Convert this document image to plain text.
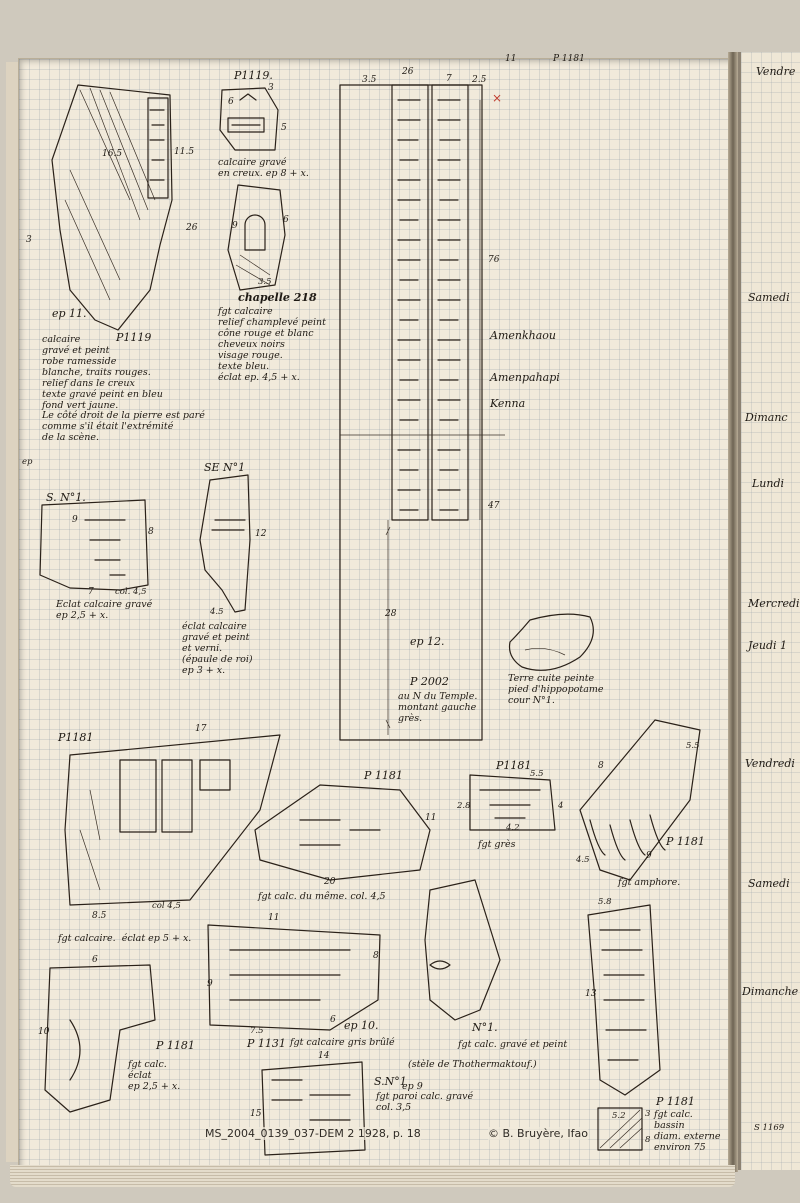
3
ep
11	P 1181
P1119.
6
3
5
calcaire gravé
en creux. ep 8 + x.
9
6
3.5
chapelle 218
fgt calcaire
relief champlevé peint
cône rouge et blanc
cheveux noirs
visage rouge.
texte bleu.
éclat ep. 4,5 + x.
11.5
26
16.5
ep 11.
P1119
calcaire
gravé et peint
robe ramesside
blanche, traits rouges.
relief dans le creux
texte gravé peint en bleu
fond vert jaune.
Le côté droit de la pierre est paré
comme s'il était l'extrémité
de la scène.
3.5
26
7 2.5
×
76
47
28
ep 12.
P 2002
au N du Temple.
montant gauche
grès.
Amenkhaou
Amenpahapi
Kenna
S. N°1.
9
8
7	col. 4,5
Eclat calcaire gravé
ep 2,5 + x.
SE N°1
12
4.5
éclat calcaire
gravé et peint
et verni.
(épaule de roi)
ep 3 + x.
Terre cuite peinte
pied d'hippopotame
cour N°1.
P1181
17
8.5
col 4,5
fgt calcaire.  éclat ep 5 + x.
P 1181
11
20
fgt calc. du même. col. 4,5
P1181
5.5
2.8	4
4.2
fgt grès
5.5
8
4.5	9
P 1181
fgt amphore.
11
8
9
7.5
6 ep 10.
P 1131 fgt calcaire gris brûlé
ep 9
N°1.
fgt calc. gravé et peint
(stèle de Thothermaktouf.)
6
10
P 1181
fgt calc.
éclat
ep 2,5 + x.
14
15
S.N°1
fgt paroi calc. gravé
col. 3,5
5.8
13
P 1181
5.2 3
8
fgt calc.
bassin
diam. externe
environ 75
Vendre
Samedi
Dimanc
Lundi
Mercredi
Jeudi 1
Vendredi
Samedi
Dimanche
S 1169
MS_2004_0139_037-DEM 2 1928, p. 18	© B. Bruyère, Ifao
